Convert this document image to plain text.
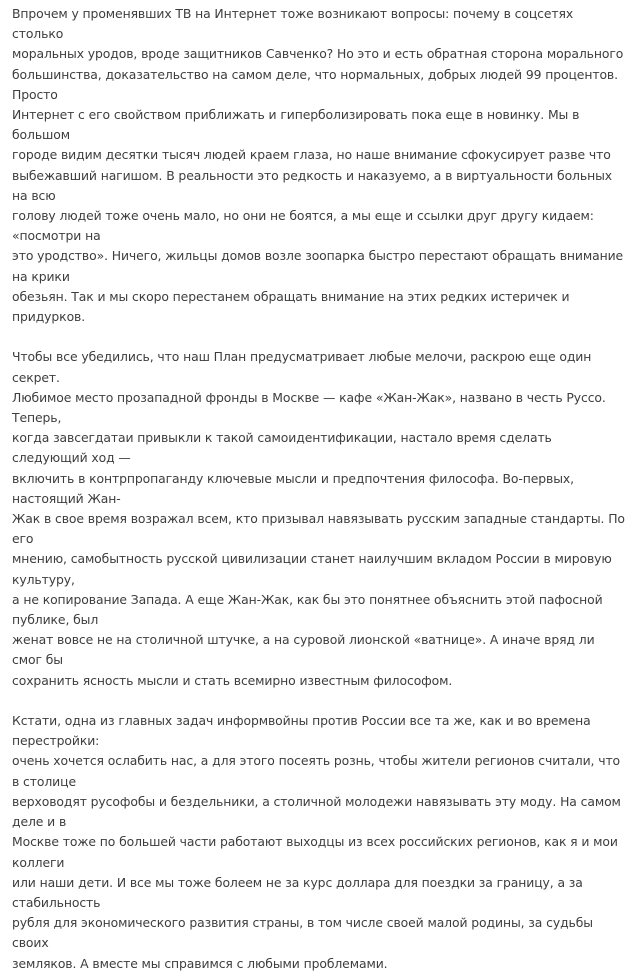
Впрочем у променявших ТВ на Интернет тоже возникают вопросы: почему в соцсетях столько
моральных уродов, вроде защитников Савченко? Но это и есть обратная сторона морального
большинства, доказательство на самом деле, что нормальных, добрых людей 99 процентов. Просто
Интернет с его свойством приближать и гиперболизировать пока еще в новинку. Мы в большом
городе видим десятки тысяч людей краем глаза, но наше внимание сфокусирует разве что
выбежавший нагишом. В реальности это редкость и наказуемо, а в виртуальности больных на всю
голову людей тоже очень мало, но они не боятся, а мы еще и ссылки друг другу кидаем: «посмотри на
это уродство». Ничего, жильцы домов возле зоопарка быстро перестают обращать внимание на крики
обезьян. Так и мы скоро перестанем обращать внимание на этих редких истеричек и придурков.

Чтобы все убедились, что наш План предусматривает любые мелочи, раскрою еще один секрет.
Любимое место прозападной фронды в Москве — кафе «Жан-Жак», названо в честь Руссо. Теперь,
когда завсегдатаи привыкли к такой самоидентификации, настало время сделать следующий ход —
включить в контрпропаганду ключевые мысли и предпочтения философа. Во-первых, настоящий Жан-
Жак в свое время возражал всем, кто призывал навязывать русским западные стандарты. По его
мнению, самобытность русской цивилизации станет наилучшим вкладом России в мировую культуру,
а не копирование Запада. А еще Жан-Жак, как бы это понятнее объяснить этой пафосной публике, был
женат вовсе не на столичной штучке, а на суровой лионской «ватнице». А иначе вряд ли смог бы
сохранить ясность мысли и стать всемирно известным философом.

Кстати, одна из главных задач информвойны против России все та же, как и во времена перестройки:
очень хочется ослабить нас, а для этого посеять рознь, чтобы жители регионов считали, что в столице
верховодят русофобы и бездельники, а столичной молодежи навязывать эту моду. На самом деле и в
Москве тоже по большей части работают выходцы из всех российских регионов, как я и мои коллеги
или наши дети. И все мы тоже болеем не за курс доллара для поездки за границу, а за стабильность
рубля для экономического развития страны, в том числе своей малой родины, за судьбы своих
земляков. А вместе мы справимся с любыми проблемами.
